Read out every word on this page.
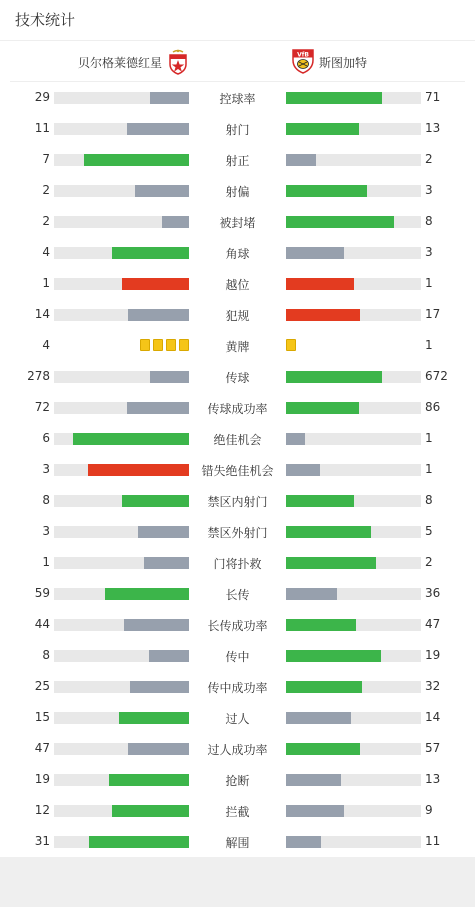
技术统计
贝尔格莱德红星
VfB
斯图加特
29	控球率	71
11	射门	13
7	射正	2
2	射偏	3
2	被封堵	8
4	角球	3
1	越位	1
14	犯规	17
4	黄牌	1
278	传球	672
72	传球成功率	86
6	绝佳机会	1
3	错失绝佳机会	1
8	禁区内射门	8
3	禁区外射门	5
1	门将扑救	2
59	长传	36
44	长传成功率	47
8	传中	19
25	传中成功率	32
15	过人	14
47	过人成功率	57
19	抢断	13
12	拦截	9
31	解围	11
